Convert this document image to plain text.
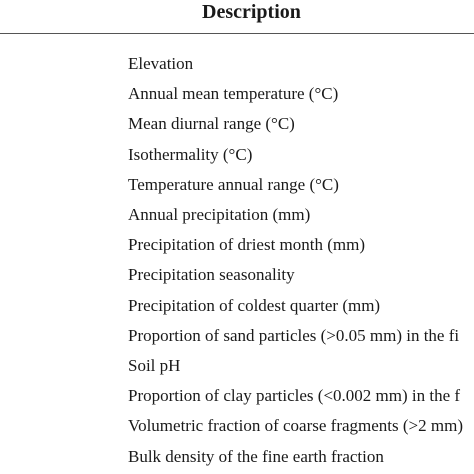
Description
Elevation
Annual mean temperature (°C)
Mean diurnal range (°C)
Isothermality (°C)
Temperature annual range (°C)
Annual precipitation (mm)
Precipitation of driest month (mm)
Precipitation seasonality
Precipitation of coldest quarter (mm)
Proportion of sand particles (>0.05 mm) in the fi
Soil pH
Proportion of clay particles (<0.002 mm) in the f
Volumetric fraction of coarse fragments (>2 mm)
Bulk density of the fine earth fraction
